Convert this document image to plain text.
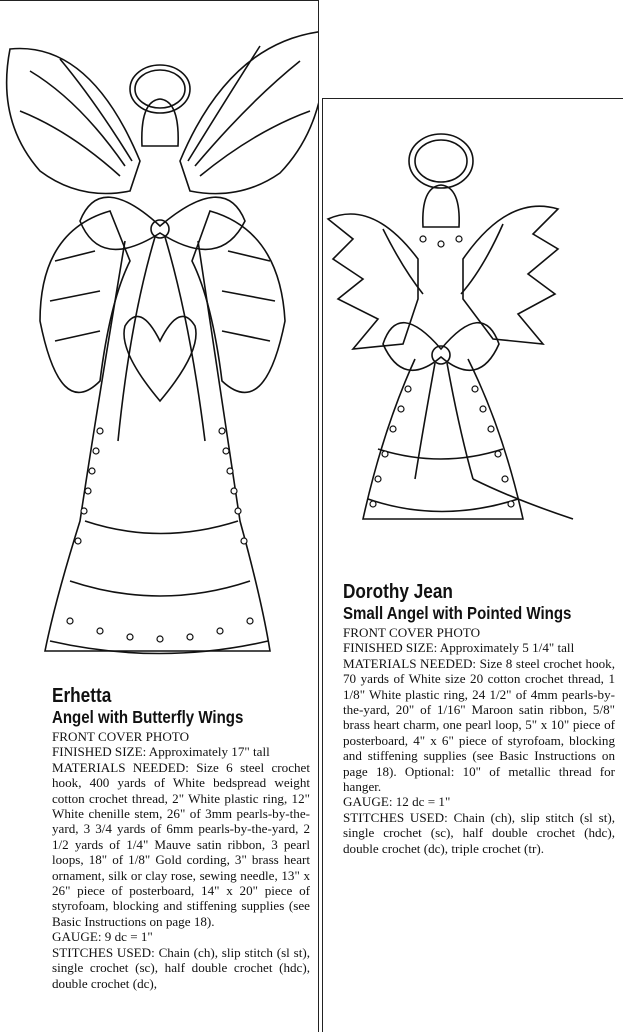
Erhetta
Angel with Butterfly Wings

FRONT COVER PHOTO

FINISHED SIZE: Approximately 17" tall

MATERIALS NEEDED: Size 6 steel crochet hook, 400 yards of White bedspread weight cotton crochet thread, 2" White plastic ring, 12" White chenille stem, 26" of 3mm pearls-by-the-yard, 3 3/4 yards of 6mm pearls-by-the-yard, 2 1/2 yards of 1/4" Mauve satin ribbon, 3 pearl loops, 18" of 1/8" Gold cording, 3" brass heart ornament, silk or clay rose, sewing needle, 13" x 26" piece of posterboard, 14" x 20" piece of styrofoam, blocking and stiffening supplies (see Basic Instructions on page 18).

GAUGE: 9 dc = 1"

STITCHES USED: Chain (ch), slip stitch (sl st), single crochet (sc), half double crochet (hdc), double crochet (dc),

Dorothy Jean
Small Angel with Pointed Wings

FRONT COVER PHOTO

FINISHED SIZE: Approximately 5 1/4" tall

MATERIALS NEEDED: Size 8 steel crochet hook, 70 yards of White size 20 cotton crochet thread, 1 1/8" White plastic ring, 24 1/2" of 4mm pearls-by-the-yard, 20" of 1/16" Maroon satin ribbon, 5/8" brass heart charm, one pearl loop, 5" x 10" piece of posterboard, 4" x 6" piece of styrofoam, blocking and stiffening supplies (see Basic Instructions on page 18). Optional: 10" of metallic thread for hanger.

GAUGE: 12 dc = 1"

STITCHES USED: Chain (ch), slip stitch (sl st), single crochet (sc), half double crochet (hdc), double crochet (dc), triple crochet (tr).
